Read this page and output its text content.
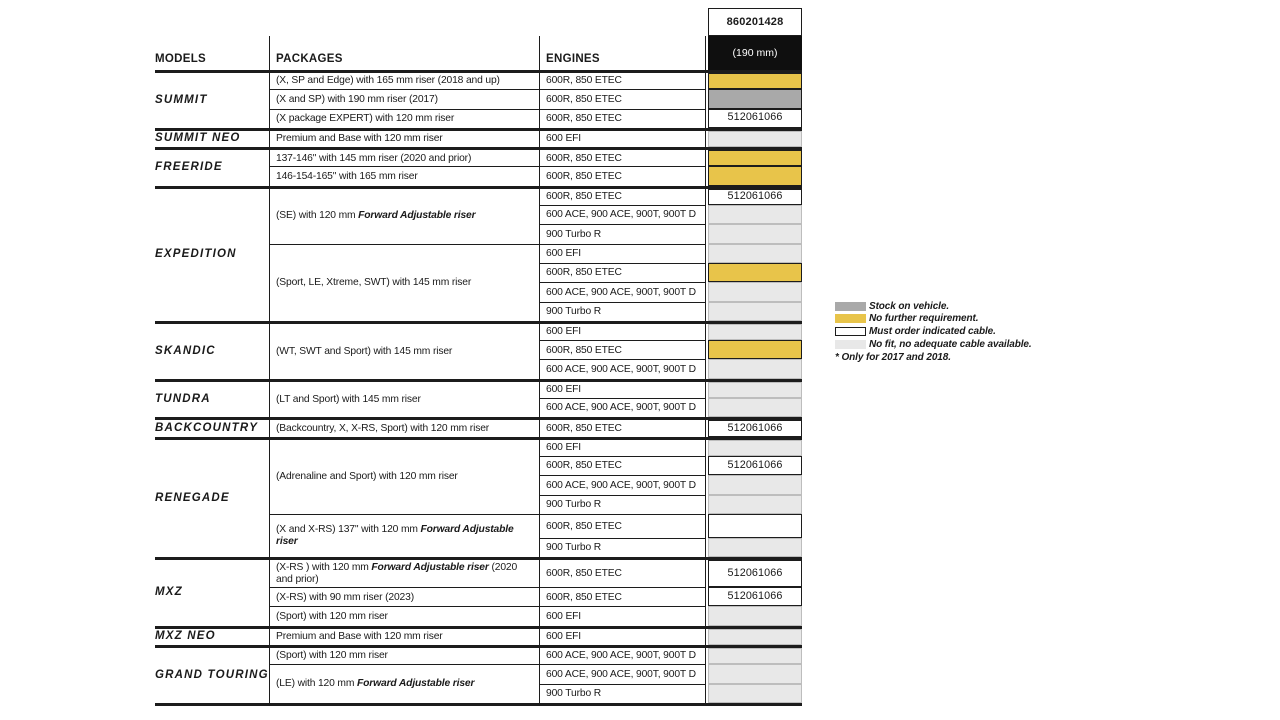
860201428
MODELS	PACKAGES	ENGINES	(190 mm)
SUMMIT	(X, SP and Edge) with 165 mm riser (2018 and up)	600R, 850 ETEC	

	(X and SP) with 190 mm riser (2017)	600R, 850 ETEC	

	(X package EXPERT) with 120 mm riser	600R, 850 ETEC	512061066

SUMMIT NEO	Premium and Base with 120 mm riser	600 EFI	

FREERIDE	137-146" with 145 mm riser (2020 and prior)	600R, 850 ETEC	

	146-154-165" with 165 mm riser	600R, 850 ETEC	

EXPEDITION	(SE) with 120 mm Forward Adjustable riser	600R, 850 ETEC	512061066

		600 ACE, 900 ACE, 900T, 900T D	

		900 Turbo R	

	(Sport, LE, Xtreme, SWT) with 145 mm riser	600 EFI	

		600R, 850 ETEC	

		600 ACE, 900 ACE, 900T, 900T D	

		900 Turbo R	

SKANDIC	(WT, SWT and Sport) with 145 mm riser	600 EFI	

		600R, 850 ETEC	

		600 ACE, 900 ACE, 900T, 900T D	

TUNDRA	(LT and Sport) with 145 mm riser	600 EFI	

		600 ACE, 900 ACE, 900T, 900T D	

BACKCOUNTRY	(Backcountry, X, X-RS, Sport) with 120 mm riser	600R, 850 ETEC	512061066

RENEGADE	(Adrenaline and Sport) with 120 mm riser	600 EFI	

		600R, 850 ETEC	512061066

		600 ACE, 900 ACE, 900T, 900T D	

		900 Turbo R	

	(X and X-RS) 137" with 120 mm Forward Adjustable riser	600R, 850 ETEC	

		900 Turbo R	

MXZ	(X-RS ) with 120 mm Forward Adjustable riser (2020 and prior)	600R, 850 ETEC	512061066

	(X-RS) with 90 mm riser (2023)	600R, 850 ETEC	512061066

	(Sport) with 120 mm riser	600 EFI	

MXZ NEO	Premium and Base with 120 mm riser	600 EFI	

GRAND TOURING	(Sport) with 120 mm riser	600 ACE, 900 ACE, 900T, 900T D	

	(LE) with 120 mm Forward Adjustable riser	600 ACE, 900 ACE, 900T, 900T D	

		900 Turbo R	
Stock on vehicle.
No further requirement.
Must order indicated cable.
No fit, no adequate cable available.
* Only for 2017 and 2018.
